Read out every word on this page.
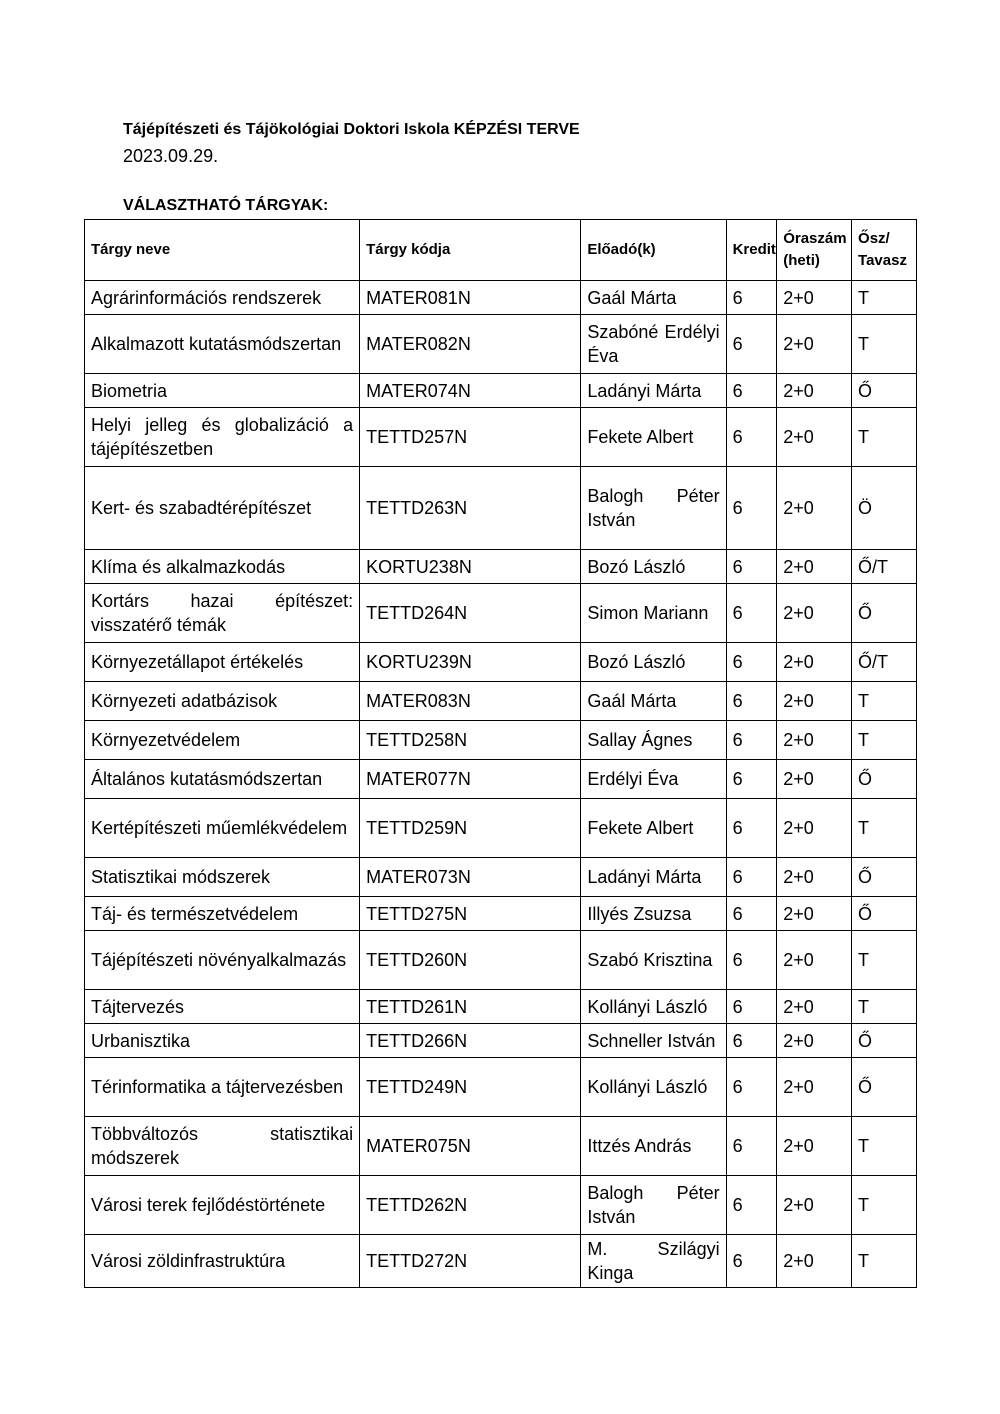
Tájépítészeti és Tájökológiai Doktori Iskola KÉPZÉSI TERVE
2023.09.29.
VÁLASZTHATÓ TÁRGYAK:
Tárgy neve	Tárgy kódja	Előadó(k)	Kredit	Óraszám (heti)	Ősz/ Tavasz
Agrárinformációs rendszerek	MATER081N	Gaál Márta	6	2+0	T
Alkalmazott kutatásmódszertan	MATER082N	Szabóné Erdélyi Éva	6	2+0	T
Biometria	MATER074N	Ladányi Márta	6	2+0	Ő
Helyi jelleg és globalizáció a tájépítészetben	TETTD257N	Fekete Albert	6	2+0	T
Kert- és szabadtérépítészet	TETTD263N	Balogh Péter István	6	2+0	Ö
Klíma és alkalmazkodás	KORTU238N	Bozó László	6	2+0	Ő/T
Kortárs hazai építészet: visszatérő témák	TETTD264N	Simon Mariann	6	2+0	Ő
Környezetállapot értékelés	KORTU239N	Bozó László	6	2+0	Ő/T
Környezeti adatbázisok	MATER083N	Gaál Márta	6	2+0	T
Környezetvédelem	TETTD258N	Sallay Ágnes	6	2+0	T
Általános kutatásmódszertan	MATER077N	Erdélyi Éva	6	2+0	Ő
Kertépítészeti műemlékvédelem	TETTD259N	Fekete Albert	6	2+0	T
Statisztikai módszerek	MATER073N	Ladányi Márta	6	2+0	Ő
Táj- és természetvédelem	TETTD275N	Illyés Zsuzsa	6	2+0	Ő
Tájépítészeti növényalkalmazás	TETTD260N	Szabó Krisztina	6	2+0	T
Tájtervezés	TETTD261N	Kollányi László	6	2+0	T
Urbanisztika	TETTD266N	Schneller István	6	2+0	Ő
Térinformatika a tájtervezésben	TETTD249N	Kollányi László	6	2+0	Ő
Többváltozós statisztikai módszerek	MATER075N	Ittzés András	6	2+0	T
Városi terek fejlődéstörténete	TETTD262N	Balogh Péter István	6	2+0	T
Városi zöldinfrastruktúra	TETTD272N	M. Szilágyi Kinga	6	2+0	T
